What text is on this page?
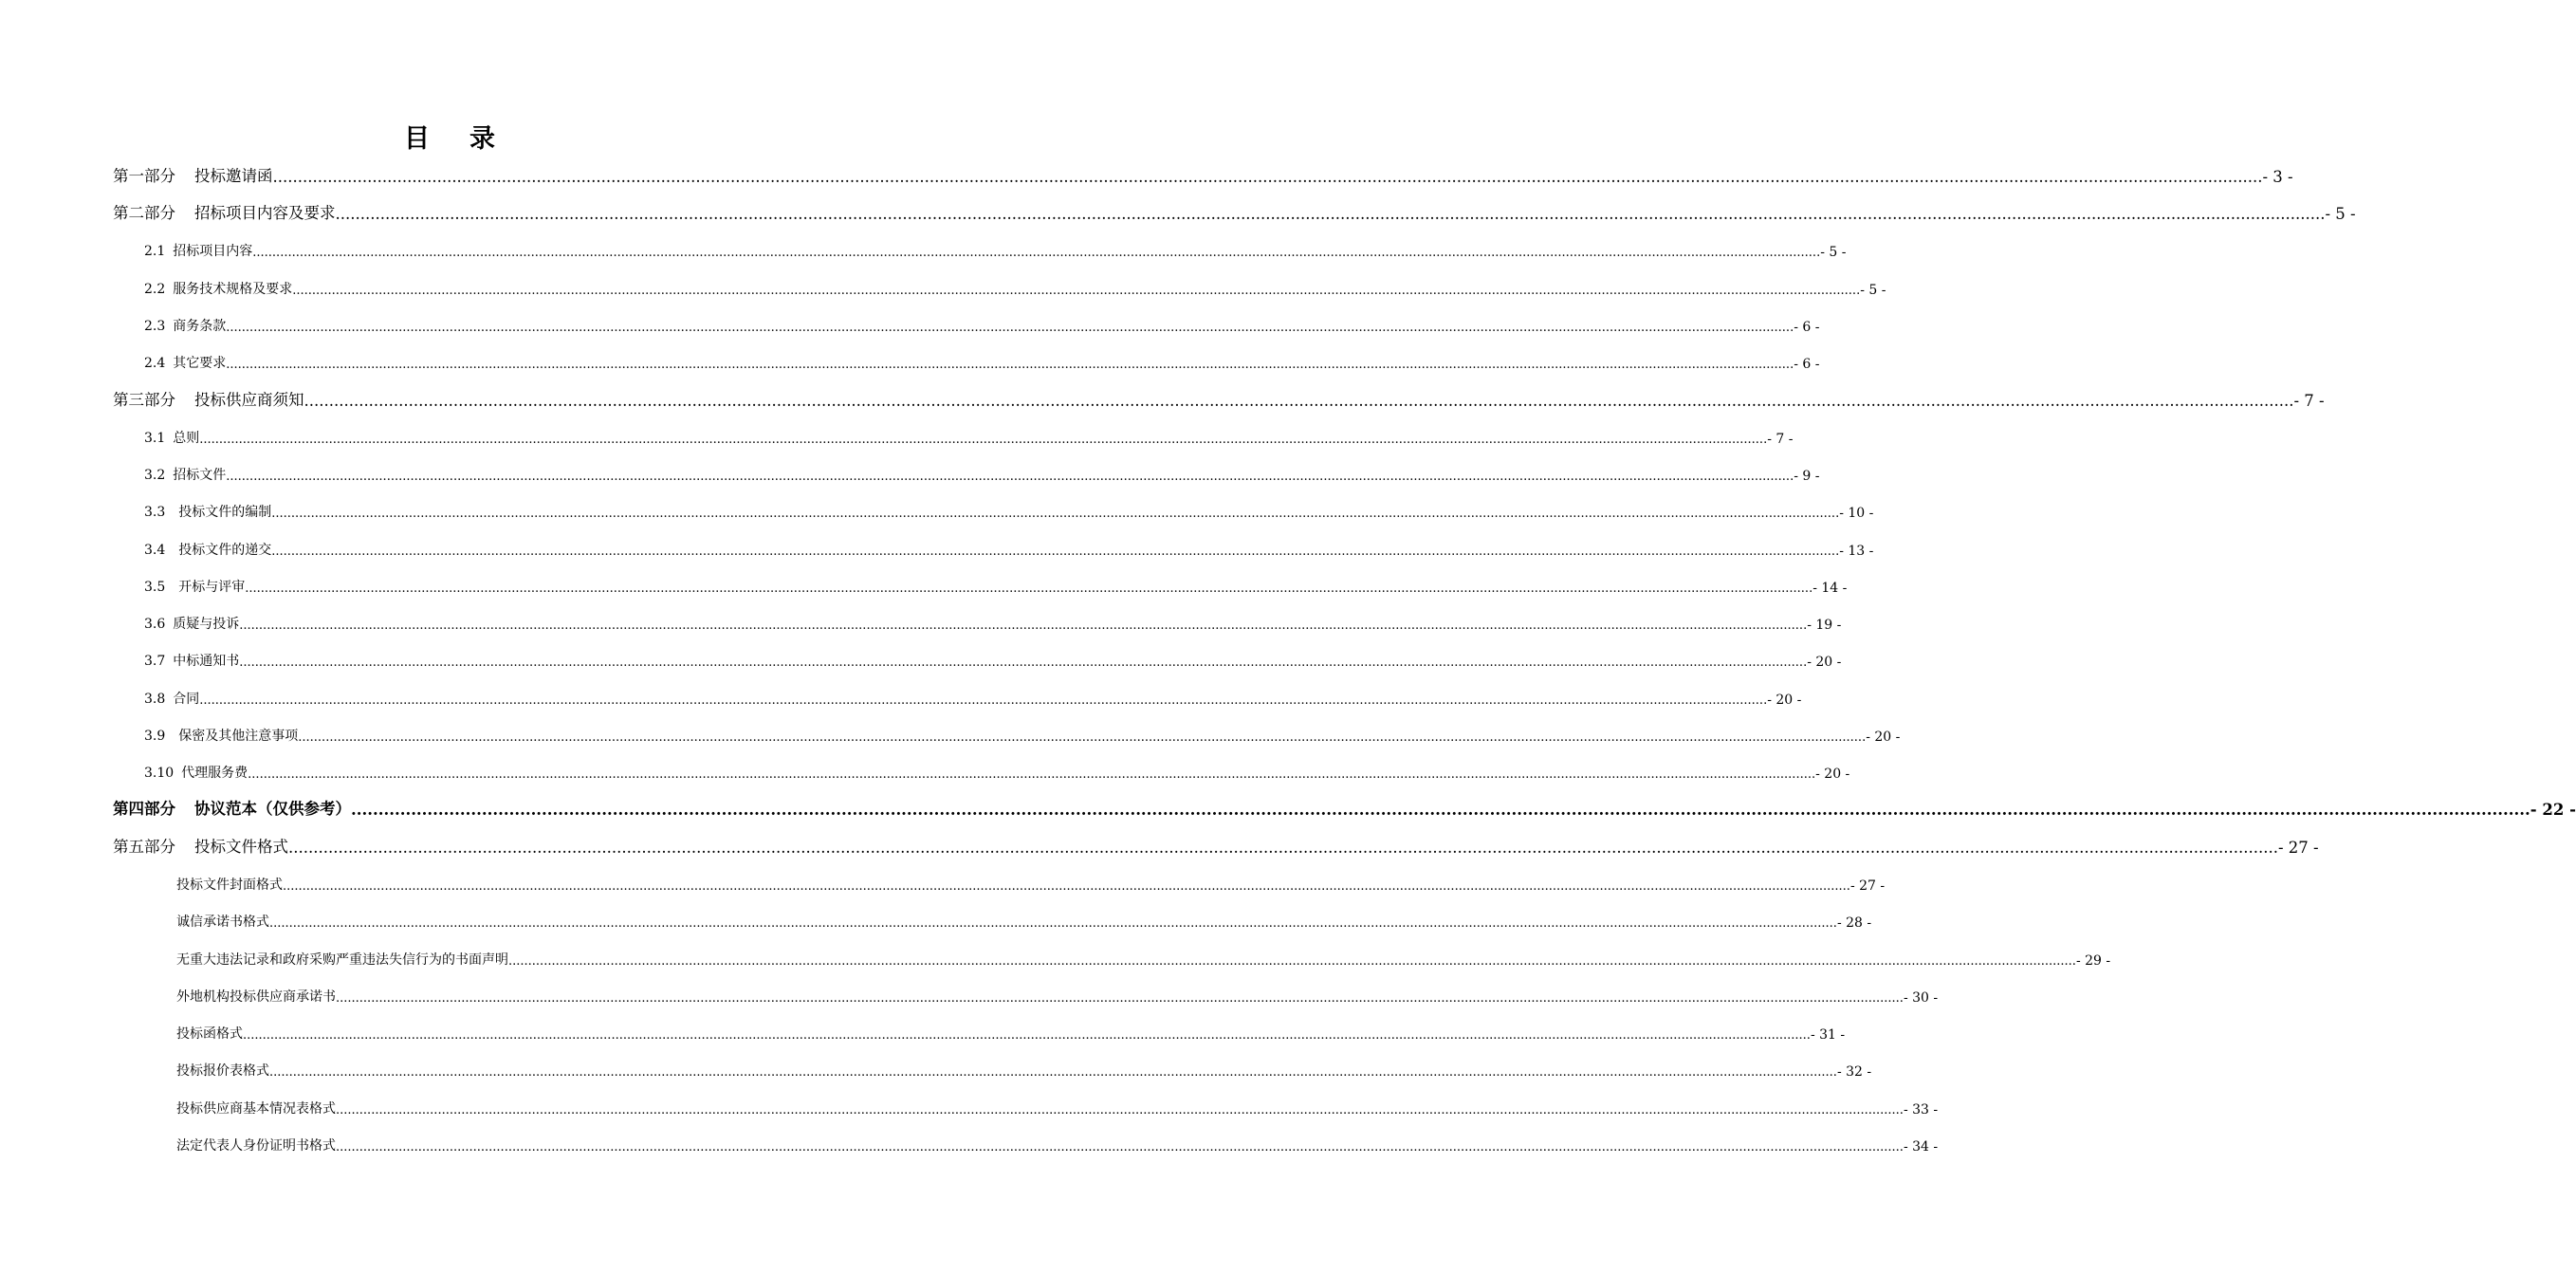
目 录
第一部分 投标邀请函 ................................................................................................................................................................................................................................................................................................................................................................................................................ - 3 -
第二部分 招标项目内容及要求 ................................................................................................................................................................................................................................................................................................................................................................................................................ - 5 -
2.1 招标项目内容 ................................................................................................................................................................................................................................................................................................................................................................................................................ - 5 -
2.2 服务技术规格及要求 ................................................................................................................................................................................................................................................................................................................................................................................................................ - 5 -
2.3 商务条款 ................................................................................................................................................................................................................................................................................................................................................................................................................ - 6 -
2.4 其它要求 ................................................................................................................................................................................................................................................................................................................................................................................................................ - 6 -
第三部分 投标供应商须知 ................................................................................................................................................................................................................................................................................................................................................................................................................ - 7 -
3.1 总则 ................................................................................................................................................................................................................................................................................................................................................................................................................ - 7 -
3.2 招标文件 ................................................................................................................................................................................................................................................................................................................................................................................................................ - 9 -
3.3 投标文件的编制 ................................................................................................................................................................................................................................................................................................................................................................................................................ - 10 -
3.4 投标文件的递交 ................................................................................................................................................................................................................................................................................................................................................................................................................ - 13 -
3.5 开标与评审 ................................................................................................................................................................................................................................................................................................................................................................................................................ - 14 -
3.6 质疑与投诉 ................................................................................................................................................................................................................................................................................................................................................................................................................ - 19 -
3.7 中标通知书 ................................................................................................................................................................................................................................................................................................................................................................................................................ - 20 -
3.8 合同 ................................................................................................................................................................................................................................................................................................................................................................................................................ - 20 -
3.9 保密及其他注意事项 ................................................................................................................................................................................................................................................................................................................................................................................................................ - 20 -
3.10 代理服务费 ................................................................................................................................................................................................................................................................................................................................................................................................................ - 20 -
第四部分 协议范本（仅供参考） ................................................................................................................................................................................................................................................................................................................................................................................................................ - 22 -
第五部分 投标文件格式 ................................................................................................................................................................................................................................................................................................................................................................................................................ - 27 -
投标文件封面格式 ................................................................................................................................................................................................................................................................................................................................................................................................................ - 27 -
诚信承诺书格式 ................................................................................................................................................................................................................................................................................................................................................................................................................ - 28 -
无重大违法记录和政府采购严重违法失信行为的书面声明 ................................................................................................................................................................................................................................................................................................................................................................................................................ - 29 -
外地机构投标供应商承诺书 ................................................................................................................................................................................................................................................................................................................................................................................................................ - 30 -
投标函格式 ................................................................................................................................................................................................................................................................................................................................................................................................................ - 31 -
投标报价表格式 ................................................................................................................................................................................................................................................................................................................................................................................................................ - 32 -
投标供应商基本情况表格式 ................................................................................................................................................................................................................................................................................................................................................................................................................ - 33 -
法定代表人身份证明书格式 ................................................................................................................................................................................................................................................................................................................................................................................................................ - 34 -
